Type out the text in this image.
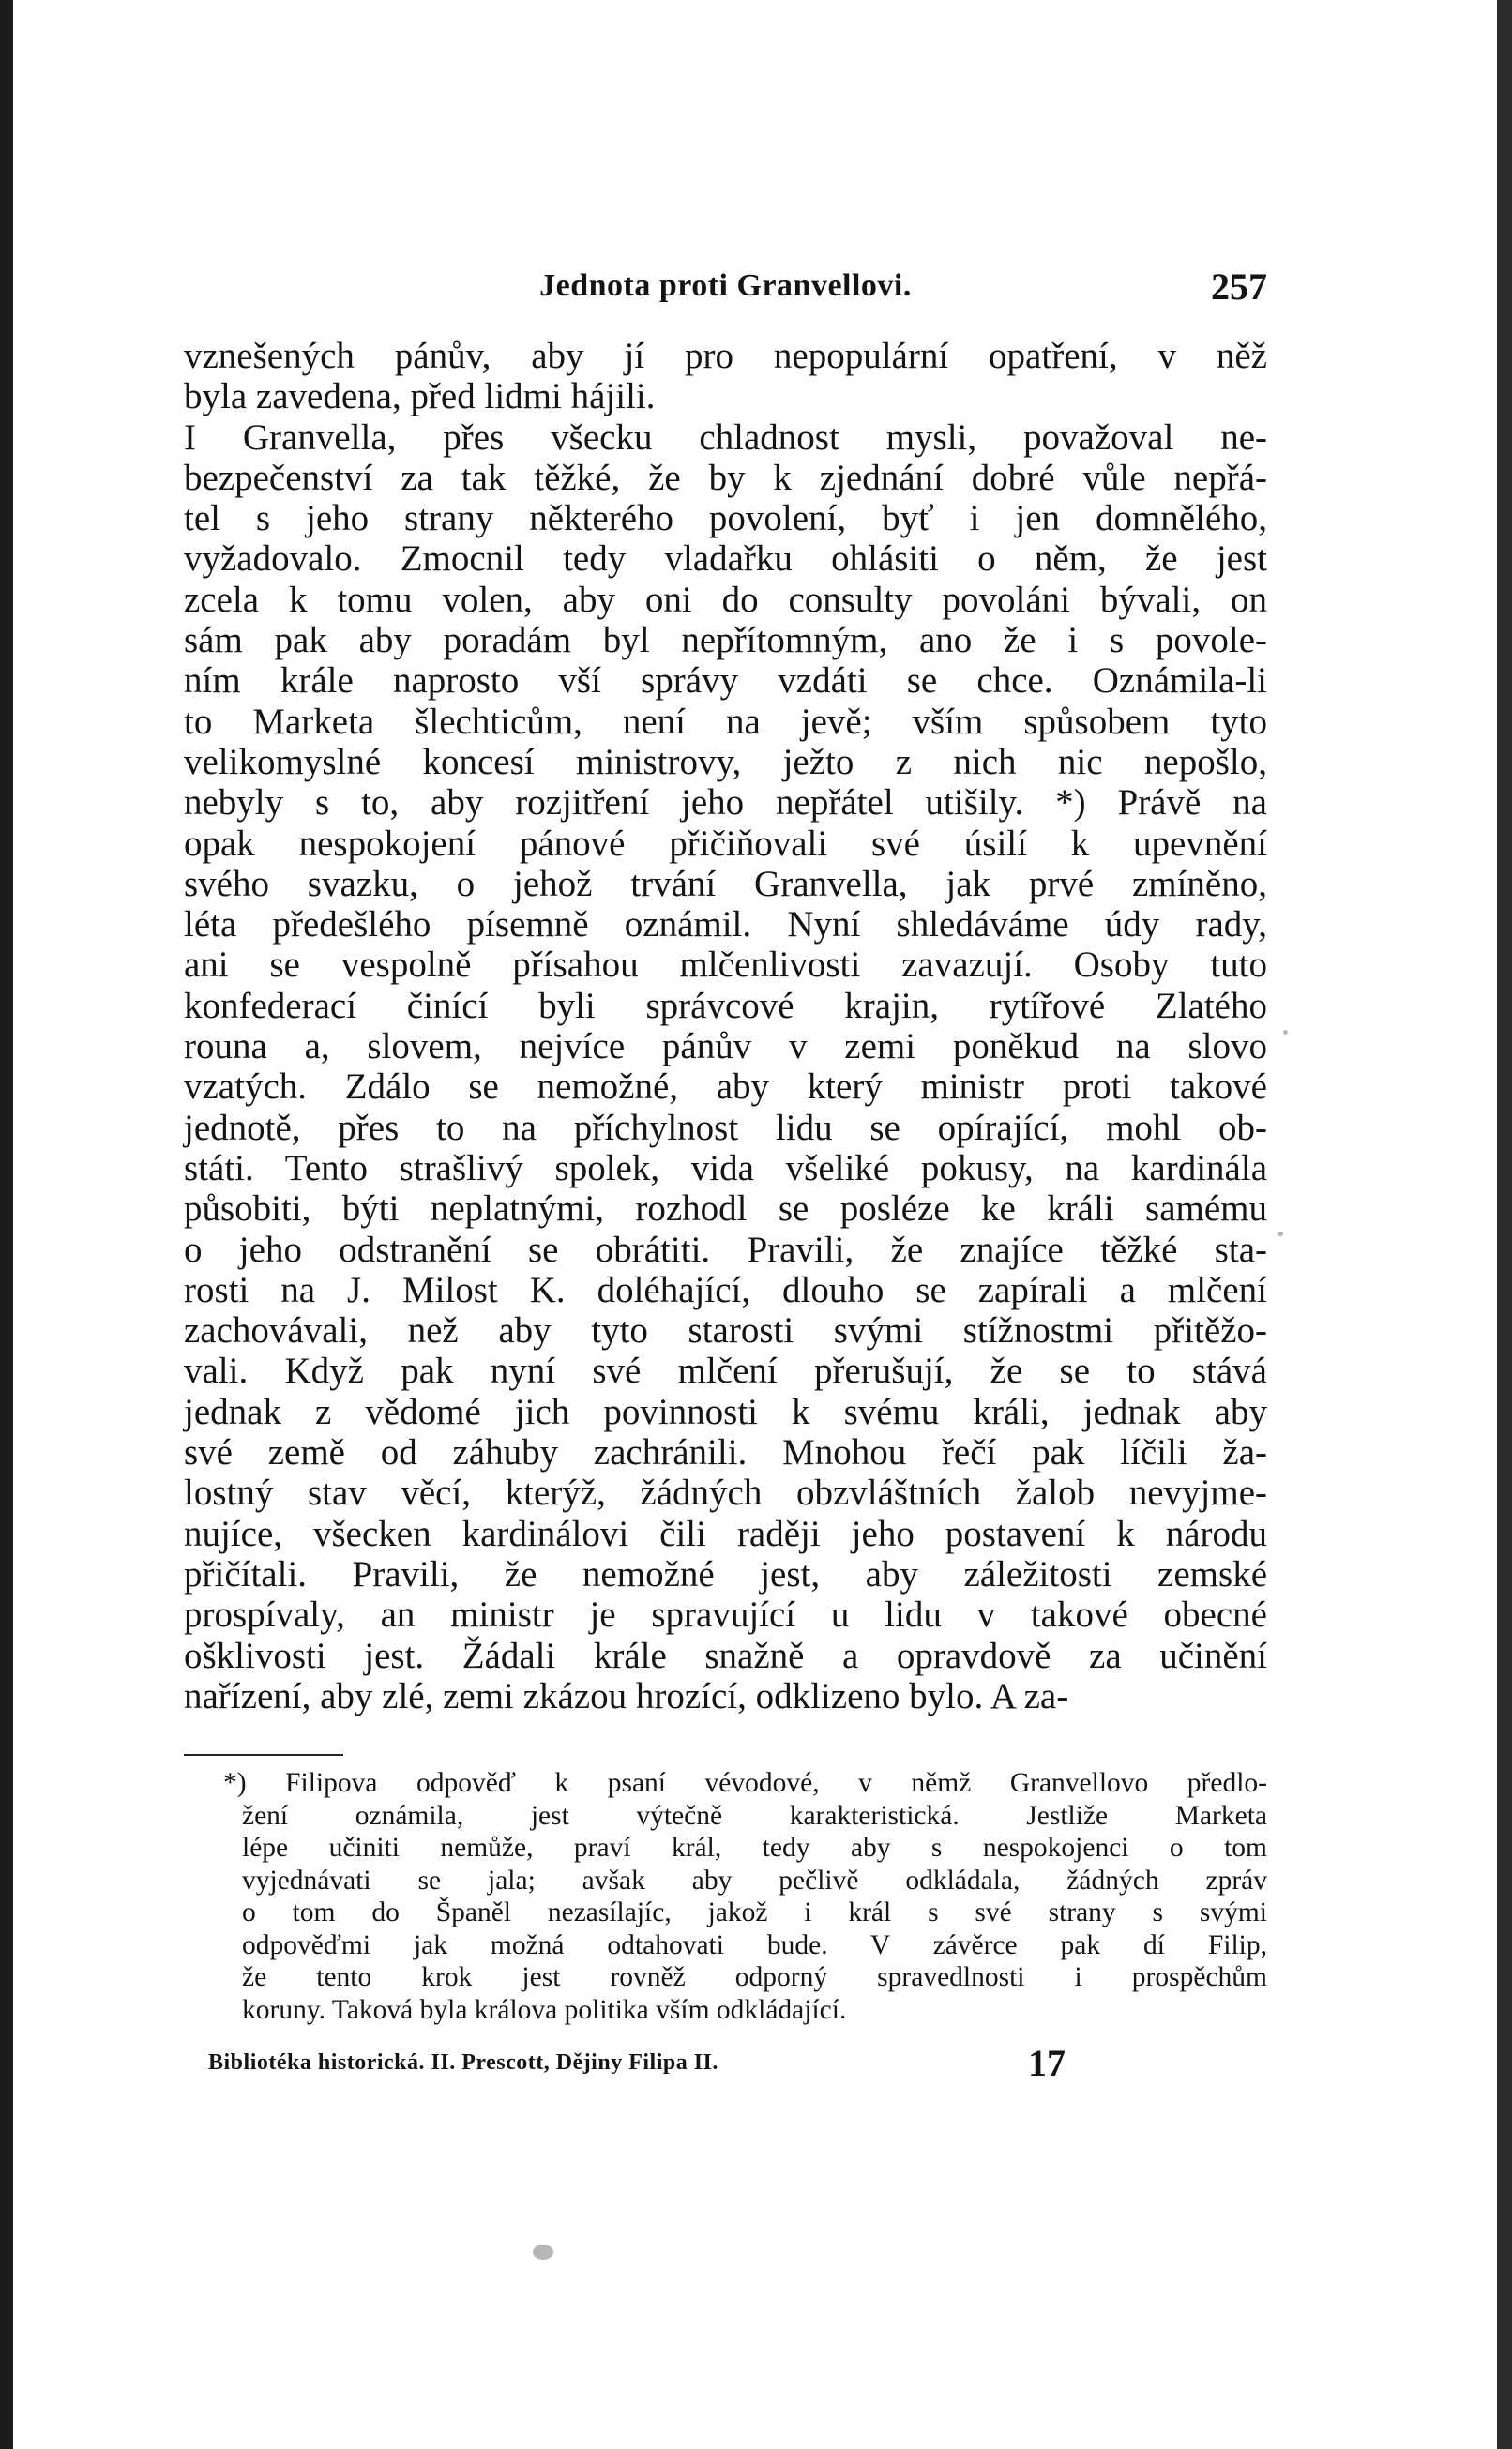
Jednota proti Granvellovi.	257
vznešených pánův, aby jí pro nepopulární opatření, v něž
byla zavedena, před lidmi hájili.
I Granvella, přes všecku chladnost mysli, považoval ne-
bezpečenství za tak těžké, že by k zjednání dobré vůle nepřá-
tel s jeho strany některého povolení, byť i jen domnělého,
vyžadovalo. Zmocnil tedy vladařku ohlásiti o něm, že jest
zcela k tomu volen, aby oni do consulty povoláni bývali, on
sám pak aby poradám byl nepřítomným, ano že i s povole-
ním krále naprosto vší správy vzdáti se chce. Oznámila-li
to Marketa šlechticům, není na jevě; vším spůsobem tyto
velikomyslné koncesí ministrovy, ježto z nich nic nepošlo,
nebyly s to, aby rozjitření jeho nepřátel utišily. *) Právě na
opak nespokojení pánové přičiňovali své úsilí k upevnění
svého svazku, o jehož trvání Granvella, jak prvé zmíněno,
léta předešlého písemně oznámil. Nyní shledáváme údy rady,
ani se vespolně přísahou mlčenlivosti zavazují. Osoby tuto
konfederací činící byli správcové krajin, rytířové Zlatého
rouna a, slovem, nejvíce pánův v zemi poněkud na slovo
vzatých. Zdálo se nemožné, aby který ministr proti takové
jednotě, přes to na příchylnost lidu se opírající, mohl ob-
státi. Tento strašlivý spolek, vida všeliké pokusy, na kardinála
působiti, býti neplatnými, rozhodl se posléze ke králi samému
o jeho odstranění se obrátiti. Pravili, že znajíce těžké sta-
rosti na J. Milost K. doléhající, dlouho se zapírali a mlčení
zachovávali, než aby tyto starosti svými stížnostmi přitěžo-
vali. Když pak nyní své mlčení přerušují, že se to stává
jednak z vědomé jich povinnosti k svému králi, jednak aby
své země od záhuby zachránili. Mnohou řečí pak líčili ža-
lostný stav věcí, kterýž, žádných obzvláštních žalob nevyjme-
nujíce, všecken kardinálovi čili raději jeho postavení k národu
přičítali. Pravili, že nemožné jest, aby záležitosti zemské
prospívaly, an ministr je spravující u lidu v takové obecné
ošklivosti jest. Žádali krále snažně a opravdově za učinění
nařízení, aby zlé, zemi zkázou hrozící, odklizeno bylo. A za-
*) Filipova odpověď k psaní vévodové, v němž Granvellovo předlo-
žení oznámila, jest výtečně karakteristická. Jestliže Marketa
lépe učiniti nemůže, praví král, tedy aby s nespokojenci o tom
vyjednávati se jala; avšak aby pečlivě odkládala, žádných zpráv
o tom do Španěl nezasílajíc, jakož i král s své strany s svými
odpověďmi jak možná odtahovati bude. V závěrce pak dí Filip,
že tento krok jest rovněž odporný spravedlnosti i prospěchům
koruny. Taková byla králova politika vším odkládající.
Bibliotéka historická. II. Prescott, Dějiny Filipa II.	17
